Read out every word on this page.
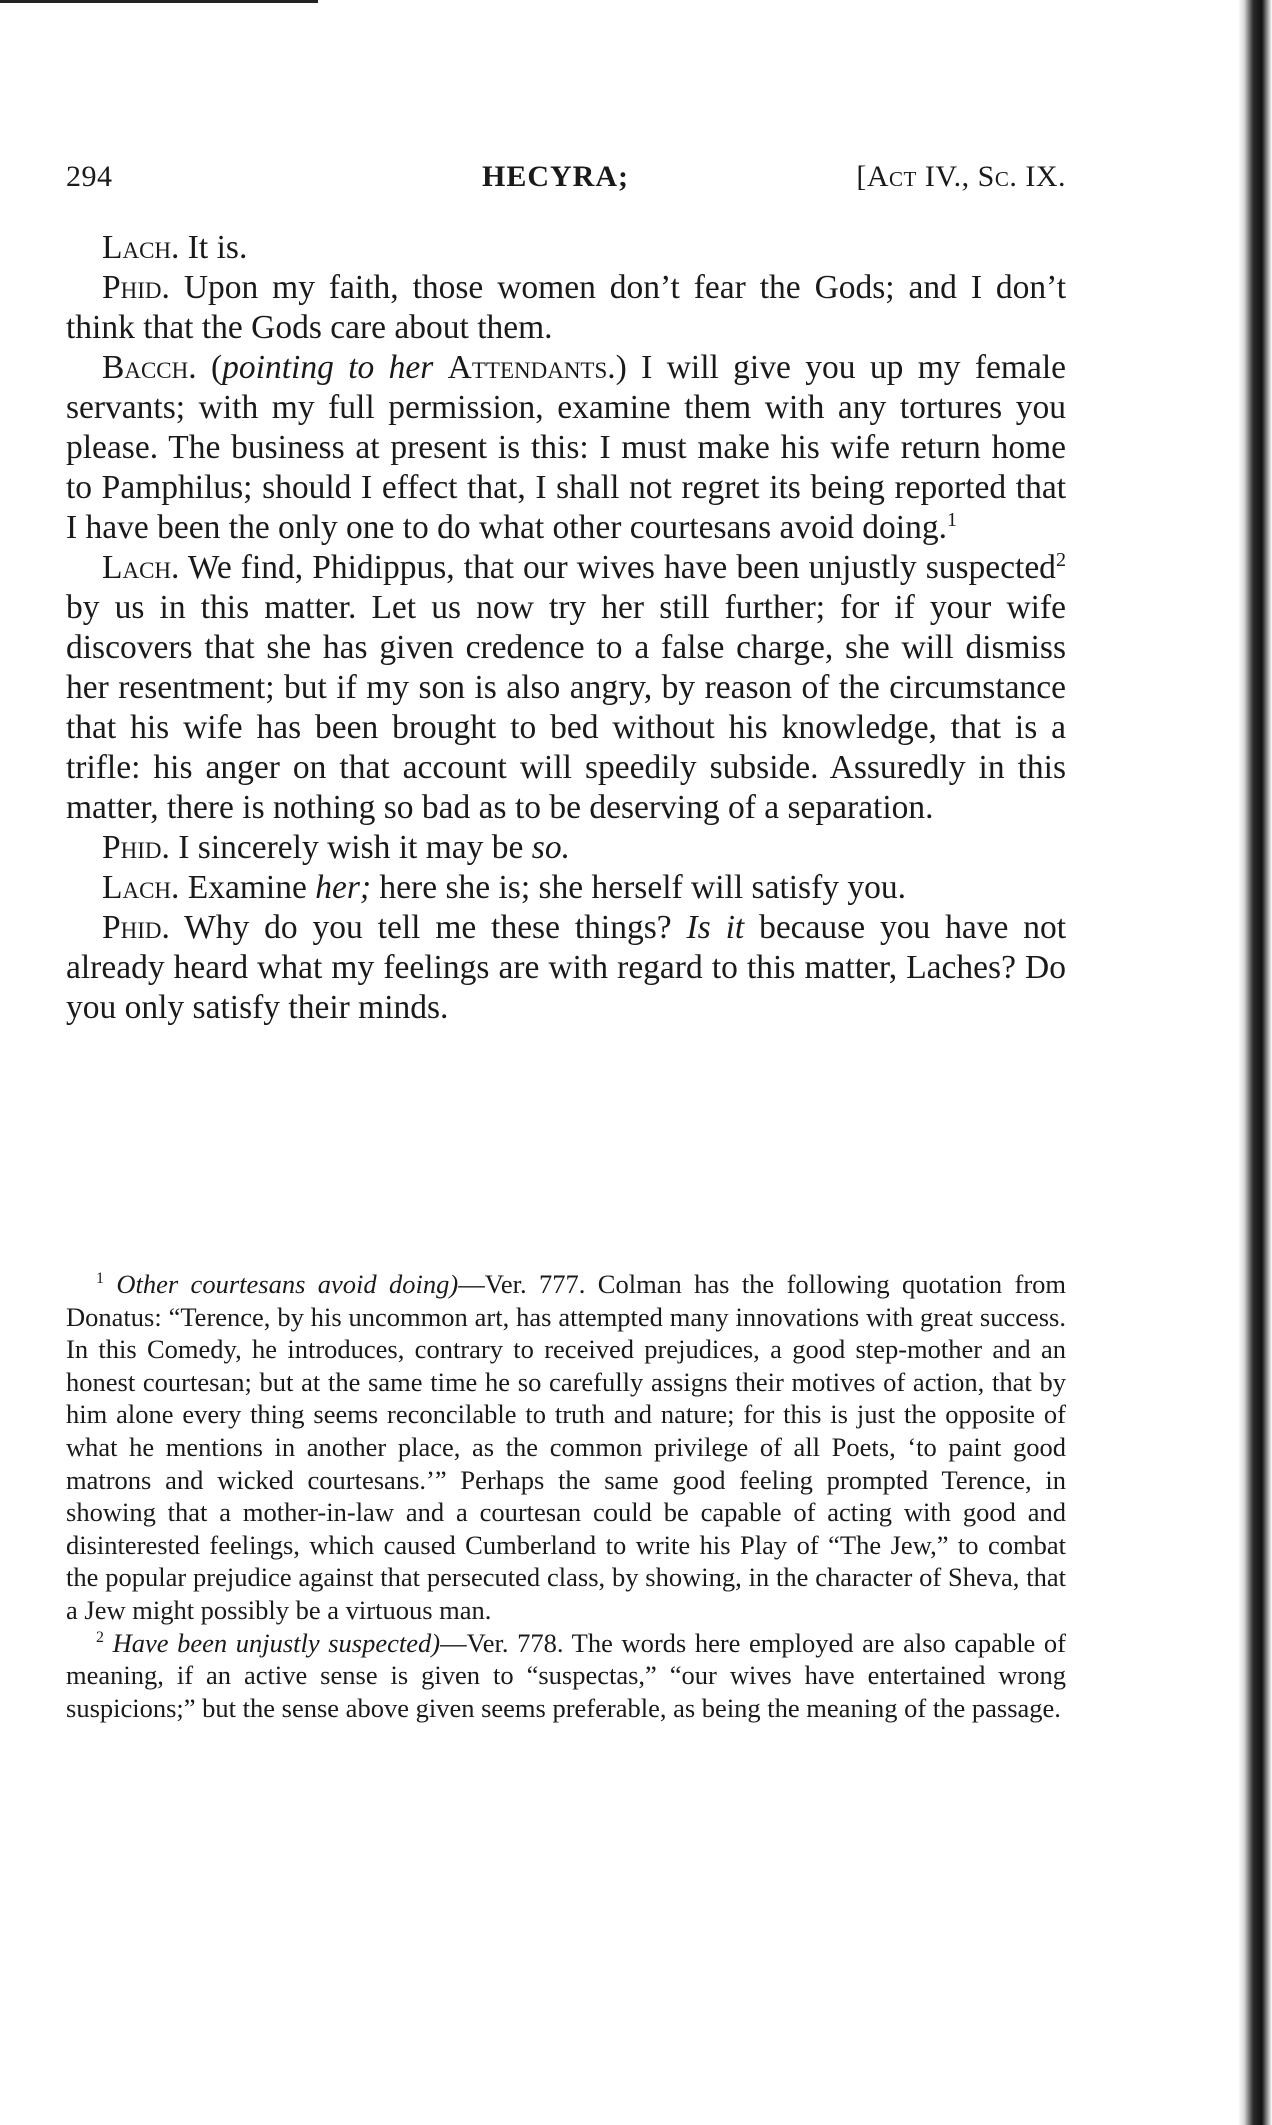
294	HECYRA;	[Act IV., Sc. IX.

Lach. It is.

Phid. Upon my faith, those women don’t fear the Gods; and I don’t think that the Gods care about them.

Bacch. (pointing to her Attendants.) I will give you up my female servants; with my full permission, examine them with any tortures you please. The business at present is this: I must make his wife return home to Pamphilus; should I effect that, I shall not regret its being reported that I have been the only one to do what other courtesans avoid doing.$^1$

Lach. We find, Phidippus, that our wives have been unjustly suspected$^2$ by us in this matter. Let us now try her still further; for if your wife discovers that she has given credence to a false charge, she will dismiss her resentment; but if my son is also angry, by reason of the circumstance that his wife has been brought to bed without his knowledge, that is a trifle: his anger on that account will speedily subside. Assuredly in this matter, there is nothing so bad as to be deserving of a separation.

Phid. I sincerely wish it may be so.

Lach. Examine her; here she is; she herself will satisfy you.

Phid. Why do you tell me these things? Is it because you have not already heard what my feelings are with regard to this matter, Laches? Do you only satisfy their minds.

$^1$ Other courtesans avoid doing)—Ver. 777. Colman has the following quotation from Donatus: “Terence, by his uncommon art, has attempted many innovations with great success. In this Comedy, he introduces, contrary to received prejudices, a good step-mother and an honest courtesan; but at the same time he so carefully assigns their motives of action, that by him alone every thing seems reconcilable to truth and nature; for this is just the opposite of what he mentions in another place, as the common privilege of all Poets, ‘to paint good matrons and wicked courtesans.’” Perhaps the same good feeling prompted Terence, in showing that a mother-in-law and a courtesan could be capable of acting with good and disinterested feelings, which caused Cumberland to write his Play of “The Jew,” to combat the popular prejudice against that persecuted class, by showing, in the character of Sheva, that a Jew might possibly be a virtuous man.

$^2$ Have been unjustly suspected)—Ver. 778. The words here employed are also capable of meaning, if an active sense is given to “suspectas,” “our wives have entertained wrong suspicions;” but the sense above given seems preferable, as being the meaning of the passage.
